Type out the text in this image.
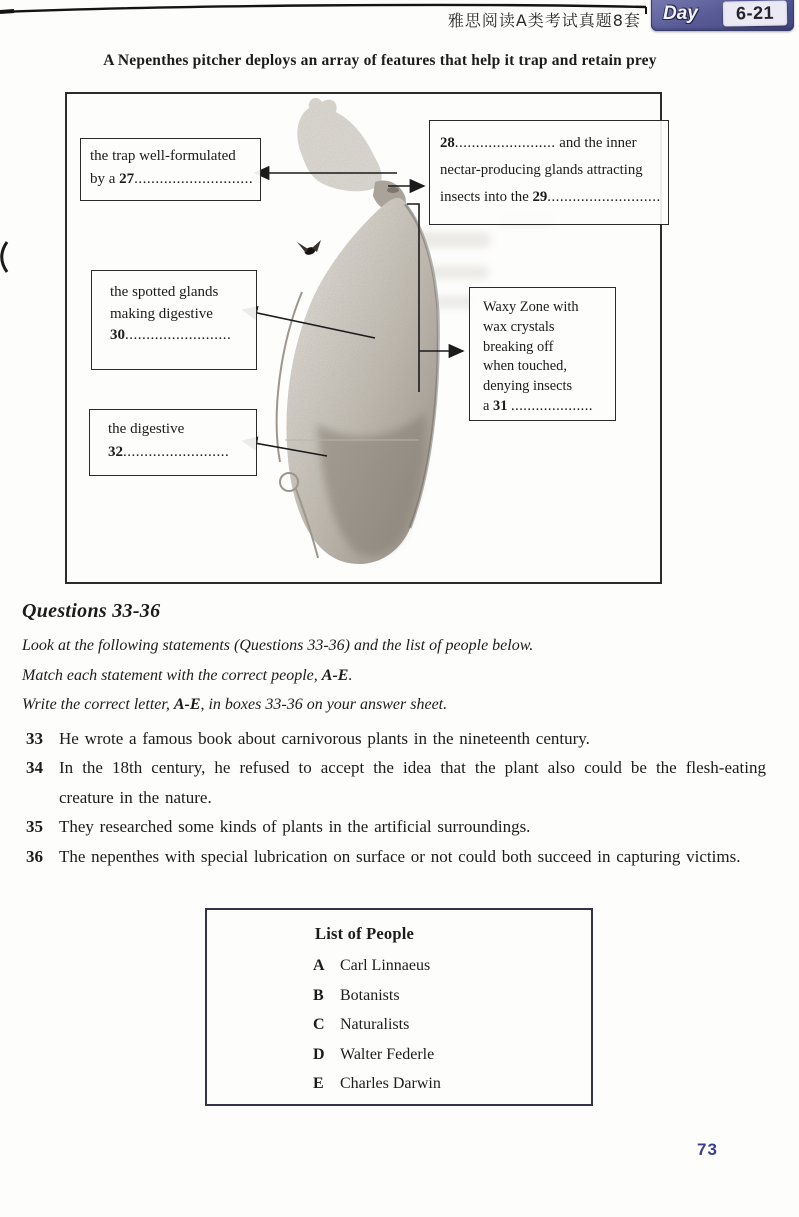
雅思阅读A类考试真题8套 Day	6-21
A Nepenthes pitcher deploys an array of features that help it trap and retain prey
the trap well-formulated
by a 27............................
28........................ and the inner
nectar-producing glands attracting
insects into the 29...........................
the spotted glands
making digestive
30.........................
Waxy Zone with
wax crystals
breaking off
when touched,
denying insects
a 31 ....................
the digestive
32.........................
Questions 33-36

Look at the following statements (Questions 33-36) and the list of people below.

Match each statement with the correct people, A-E.

Write the correct letter, A-E, in boxes 33-36 on your answer sheet.

33 He wrote a famous book about carnivorous plants in the nineteenth century.
34 In the 18th century, he refused to accept the idea that the plant also could be the flesh-eating creature in the nature.
35 They researched some kinds of plants in the artificial surroundings.
36 The nepenthes with special lubrication on surface or not could both succeed in capturing victims.
List of People
A Carl Linnaeus
B Botanists
C Naturalists
D Walter Federle
E Charles Darwin
73
